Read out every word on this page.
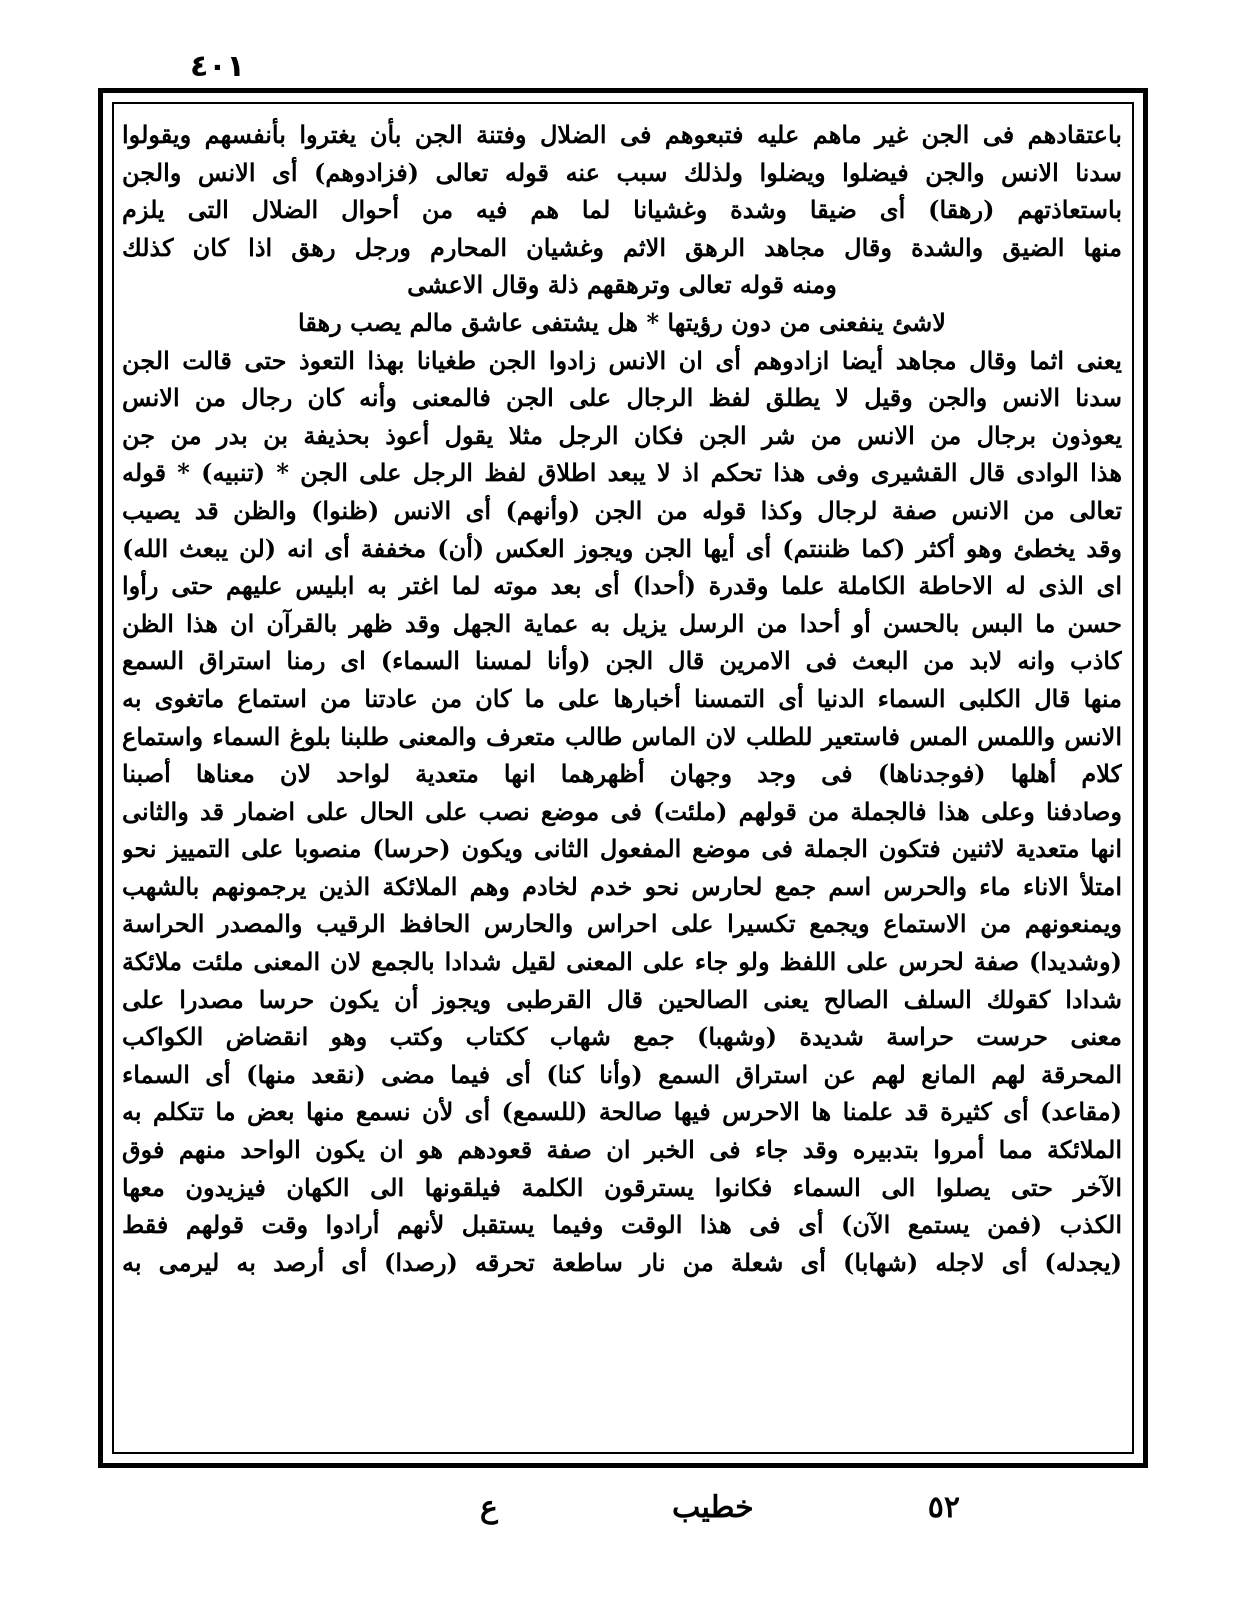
٤٠١
باعتقادهم فى الجن غير ماهم عليه فتبعوهم فى الضلال وفتنة الجن بأن يغتروا بأنفسهم ويقولوا
سدنا الانس والجن فيضلوا ويضلوا ولذلك سبب عنه قوله تعالى (فزادوهم) أى الانس والجن
باستعاذتهم (رهقا) أى ضيقا وشدة وغشيانا لما هم فيه من أحوال الضلال التى يلزم
منها الضيق والشدة وقال مجاهد الرهق الاثم وغشيان المحارم ورجل رهق اذا كان كذلك
ومنه قوله تعالى وترهقهم ذلة وقال الاعشى
لاشئ ينفعنى من دون رؤيتها * هل يشتفى عاشق مالم يصب رهقا
يعنى اثما وقال مجاهد أيضا ازادوهم أى ان الانس زادوا الجن طغيانا بهذا التعوذ حتى قالت الجن
سدنا الانس والجن وقيل لا يطلق لفظ الرجال على الجن فالمعنى وأنه كان رجال من الانس
يعوذون برجال من الانس من شر الجن فكان الرجل مثلا يقول أعوذ بحذيفة بن بدر من جن
هذا الوادى قال القشيرى وفى هذا تحكم اذ لا يبعد اطلاق لفظ الرجل على الجن * (تنبيه) * قوله
تعالى من الانس صفة لرجال وكذا قوله من الجن (وأنهم) أى الانس (ظنوا) والظن قد يصيب
وقد يخطئ وهو أكثر (كما ظننتم) أى أيها الجن ويجوز العكس (أن) مخففة أى انه (لن يبعث الله)
اى الذى له الاحاطة الكاملة علما وقدرة (أحدا) أى بعد موته لما اغتر به ابليس عليهم حتى رأوا
حسن ما البس بالحسن أو أحدا من الرسل يزيل به عماية الجهل وقد ظهر بالقرآن ان هذا الظن
كاذب وانه لابد من البعث فى الامرين قال الجن (وأنا لمسنا السماء) اى رمنا استراق السمع
منها قال الكلبى السماء الدنيا أى التمسنا أخبارها على ما كان من عادتنا من استماع ماتغوى به
الانس واللمس المس فاستعير للطلب لان الماس طالب متعرف والمعنى طلبنا بلوغ السماء واستماع
كلام أهلها (فوجدناها) فى وجد وجهان أظهرهما انها متعدية لواحد لان معناها أصبنا
وصادفنا وعلى هذا فالجملة من قولهم (ملئت) فى موضع نصب على الحال على اضمار قد والثانى
انها متعدية لاثنين فتكون الجملة فى موضع المفعول الثانى ويكون (حرسا) منصوبا على التمييز نحو
امتلأ الاناء ماء والحرس اسم جمع لحارس نحو خدم لخادم وهم الملائكة الذين يرجمونهم بالشهب
ويمنعونهم من الاستماع ويجمع تكسيرا على احراس والحارس الحافظ الرقيب والمصدر الحراسة
(وشديدا) صفة لحرس على اللفظ ولو جاء على المعنى لقيل شدادا بالجمع لان المعنى ملئت ملائكة
شدادا كقولك السلف الصالح يعنى الصالحين قال القرطبى ويجوز أن يكون حرسا مصدرا على
معنى حرست حراسة شديدة (وشهبا) جمع شهاب ككتاب وكتب وهو انقضاض الكواكب
المحرقة لهم المانع لهم عن استراق السمع (وأنا كنا) أى فيما مضى (نقعد منها) أى السماء
(مقاعد) أى كثيرة قد علمنا ها الاحرس فيها صالحة (للسمع) أى لأن نسمع منها بعض ما تتكلم به
الملائكة مما أمروا بتدبيره وقد جاء فى الخبر ان صفة قعودهم هو ان يكون الواحد منهم فوق
الآخر حتى يصلوا الى السماء فكانوا يسترقون الكلمة فيلقونها الى الكهان فيزيدون معها
الكذب (فمن يستمع الآن) أى فى هذا الوقت وفيما يستقبل لأنهم أرادوا وقت قولهم فقط
(يجدله) أى لاجله (شهابا) أى شعلة من نار ساطعة تحرقه (رصدا) أى أرصد به ليرمى به
٥٢
خطيب
ع
